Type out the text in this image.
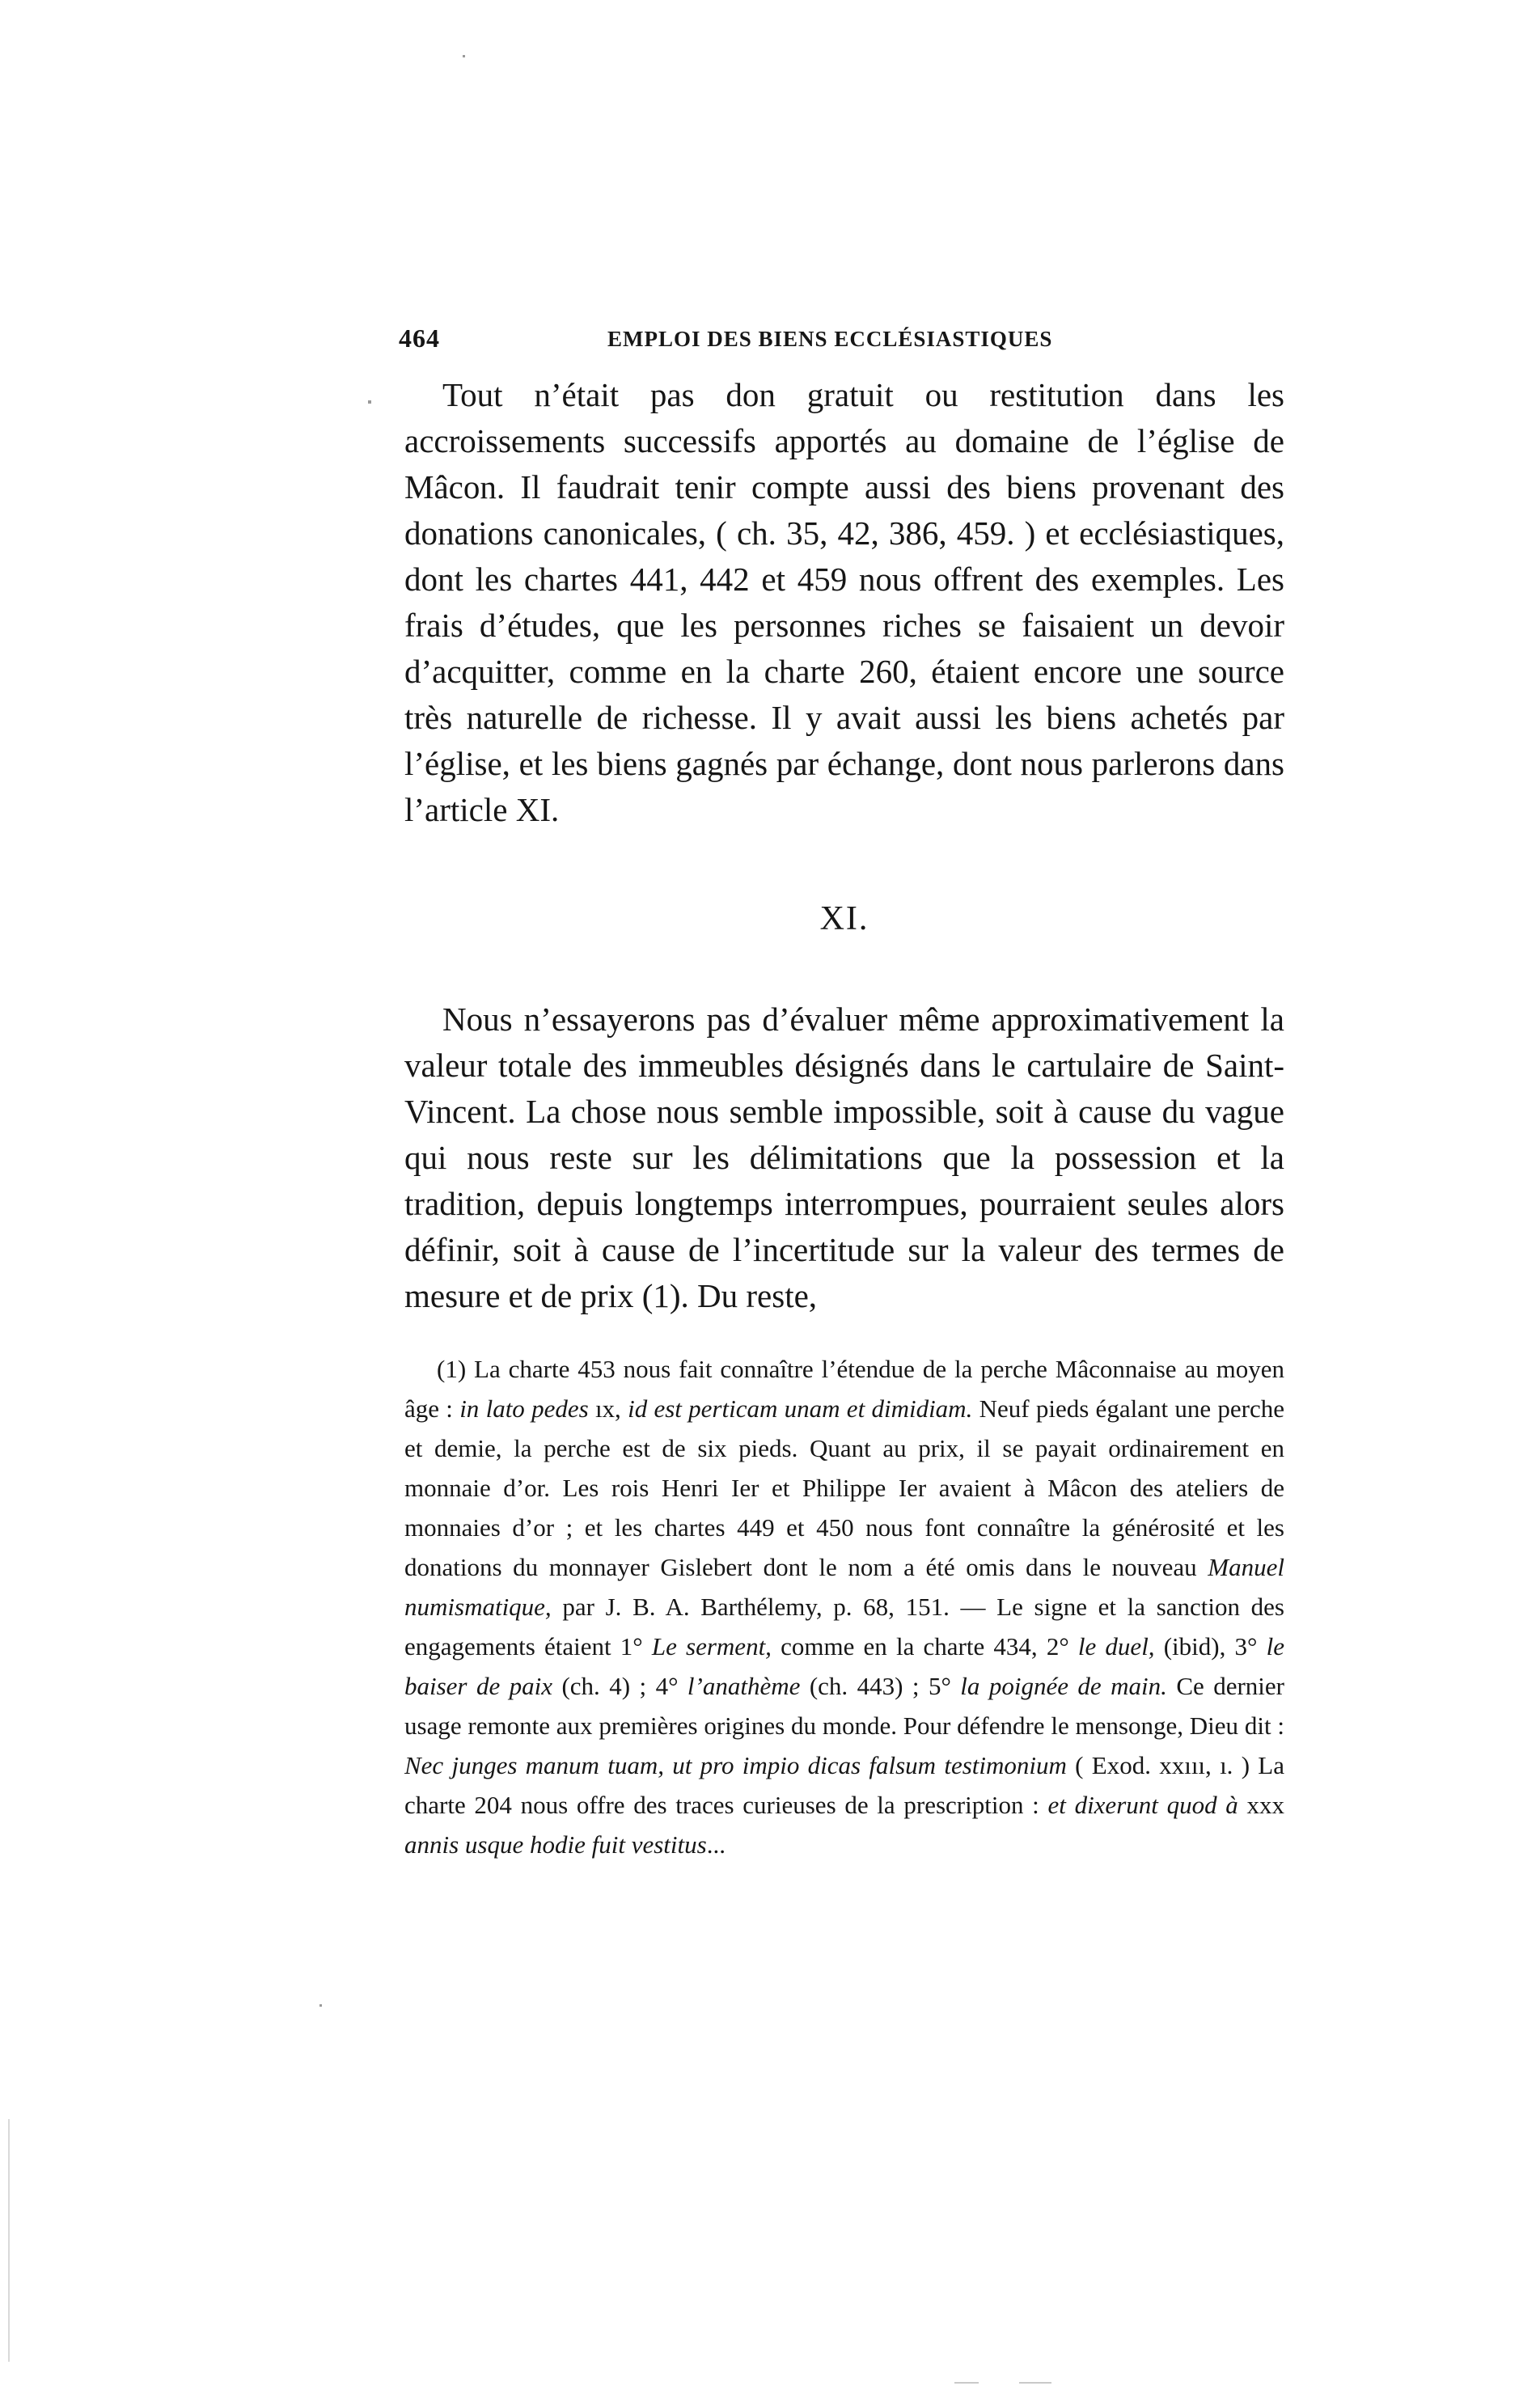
464	EMPLOI DES BIENS ECCLÉSIASTIQUES

Tout n’était pas don gratuit ou restitution dans les accroissements successifs apportés au domaine de l’église de Mâcon. Il faudrait tenir compte aussi des biens provenant des donations canonicales, ( ch. 35, 42, 386, 459. ) et ecclésiastiques, dont les chartes 441, 442 et 459 nous offrent des exemples. Les frais d’études, que les personnes riches se faisaient un devoir d’acquitter, comme en la charte 260, étaient encore une source très naturelle de richesse. Il y avait aussi les biens achetés par l’église, et les biens gagnés par échange, dont nous parlerons dans l’article XI.

XI.

Nous n’essayerons pas d’évaluer même approximativement la valeur totale des immeubles désignés dans le cartulaire de Saint-Vincent. La chose nous semble impossible, soit à cause du vague qui nous reste sur les délimitations que la possession et la tradition, depuis longtemps interrompues, pourraient seules alors définir, soit à cause de l’incertitude sur la valeur des termes de mesure et de prix (1). Du reste,

(1) La charte 453 nous fait connaître l’étendue de la perche Mâconnaise au moyen âge : in lato pedes ıx, id est perticam unam et dimidiam. Neuf pieds égalant une perche et demie, la perche est de six pieds. Quant au prix, il se payait ordinairement en monnaie d’or. Les rois Henri Ier et Philippe Ier avaient à Mâcon des ateliers de monnaies d’or ; et les chartes 449 et 450 nous font connaître la générosité et les donations du monnayer Gislebert dont le nom a été omis dans le nouveau Manuel numismatique, par J. B. A. Barthélemy, p. 68, 151. — Le signe et la sanction des engagements étaient 1° Le serment, comme en la charte 434, 2° le duel, (ibid), 3° le baiser de paix (ch. 4) ; 4° l’anathème (ch. 443) ; 5° la poignée de main. Ce dernier usage remonte aux premières origines du monde. Pour défendre le mensonge, Dieu dit : Nec junges manum tuam, ut pro impio dicas falsum testimonium ( Exod. xxııı, ı. ) La charte 204 nous offre des traces curieuses de la prescription : et dixerunt quod à xxx annis usque hodie fuit vestitus...
